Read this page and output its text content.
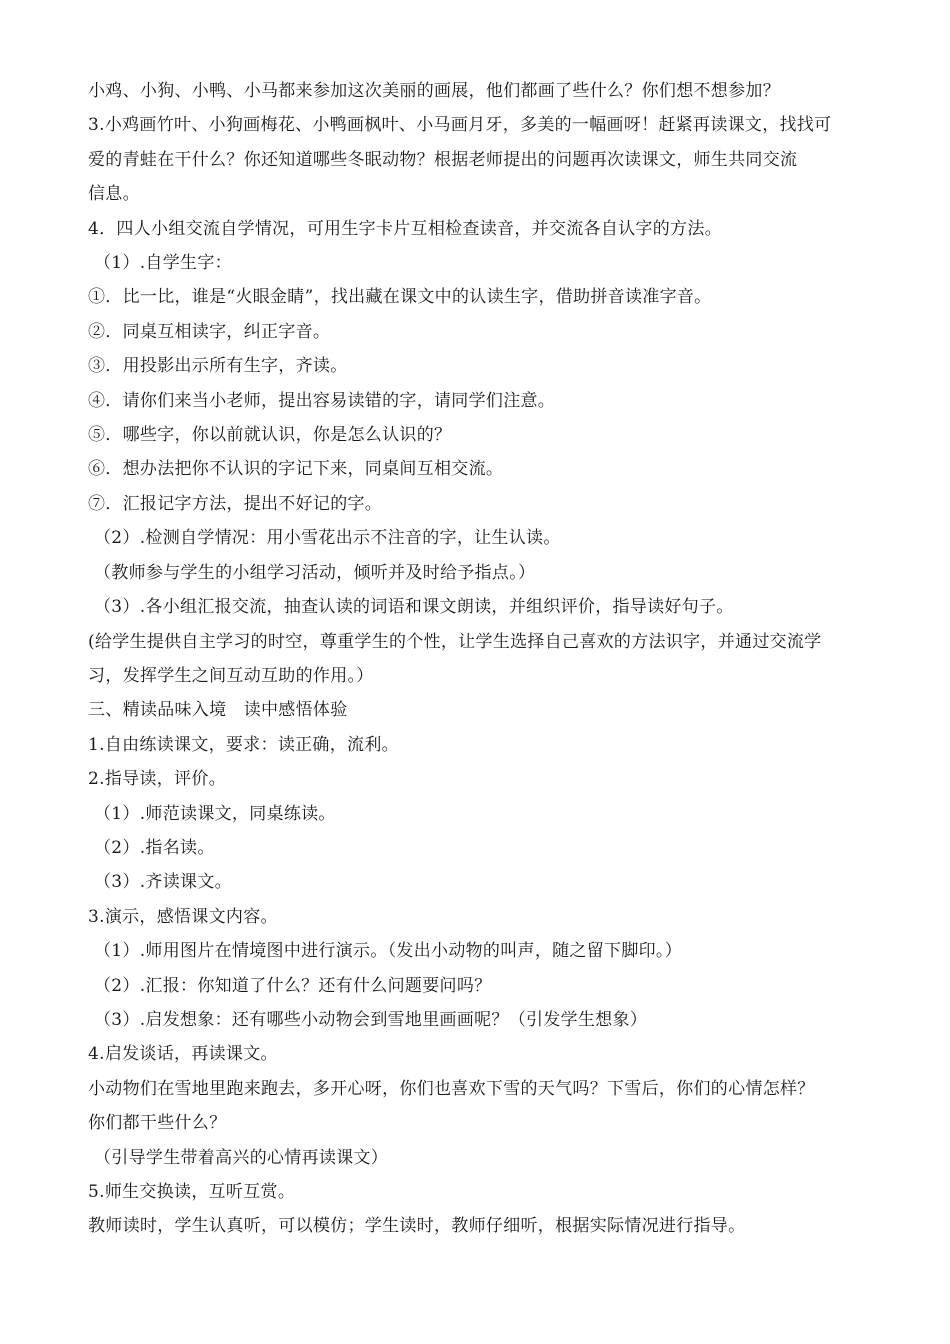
小鸡、小狗、小鸭、小马都来参加这次美丽的画展，他们都画了些什么？你们想不想参加？
3.小鸡画竹叶、小狗画梅花、小鸭画枫叶、小马画月牙，多美的一幅画呀！赶紧再读课文，找找可
爱的青蛙在干什么？你还知道哪些冬眠动物？根据老师提出的问题再次读课文，师生共同交流
信息。
4．四人小组交流自学情况，可用生字卡片互相检查读音，并交流各自认字的方法。
（1）.自学生字：
①．比一比，谁是“火眼金睛”，找出藏在课文中的认读生字，借助拼音读准字音。
②．同桌互相读字，纠正字音。
③．用投影出示所有生字，齐读。
④．请你们来当小老师，提出容易读错的字，请同学们注意。
⑤．哪些字，你以前就认识，你是怎么认识的？
⑥．想办法把你不认识的字记下来，同桌间互相交流。
⑦．汇报记字方法，提出不好记的字。
（2）.检测自学情况：用小雪花出示不注音的字，让生认读。
（教师参与学生的小组学习活动，倾听并及时给予指点。）
（3）.各小组汇报交流，抽查认读的词语和课文朗读，并组织评价，指导读好句子。
(给学生提供自主学习的时空，尊重学生的个性，让学生选择自己喜欢的方法识字，并通过交流学
习，发挥学生之间互动互助的作用。）
三、精读品味入境　读中感悟体验
1.自由练读课文，要求：读正确，流利。
2.指导读，评价。
（1）.师范读课文，同桌练读。
（2）.指名读。
（3）.齐读课文。
3.演示，感悟课文内容。
（1）.师用图片在情境图中进行演示。（发出小动物的叫声，随之留下脚印。）
（2）.汇报：你知道了什么？还有什么问题要问吗？
（3）.启发想象：还有哪些小动物会到雪地里画画呢？（引发学生想象）
4.启发谈话，再读课文。
小动物们在雪地里跑来跑去，多开心呀，你们也喜欢下雪的天气吗？下雪后，你们的心情怎样？
你们都干些什么？
（引导学生带着高兴的心情再读课文）
5.师生交换读，互听互赏。
教师读时，学生认真听，可以模仿；学生读时，教师仔细听，根据实际情况进行指导。
